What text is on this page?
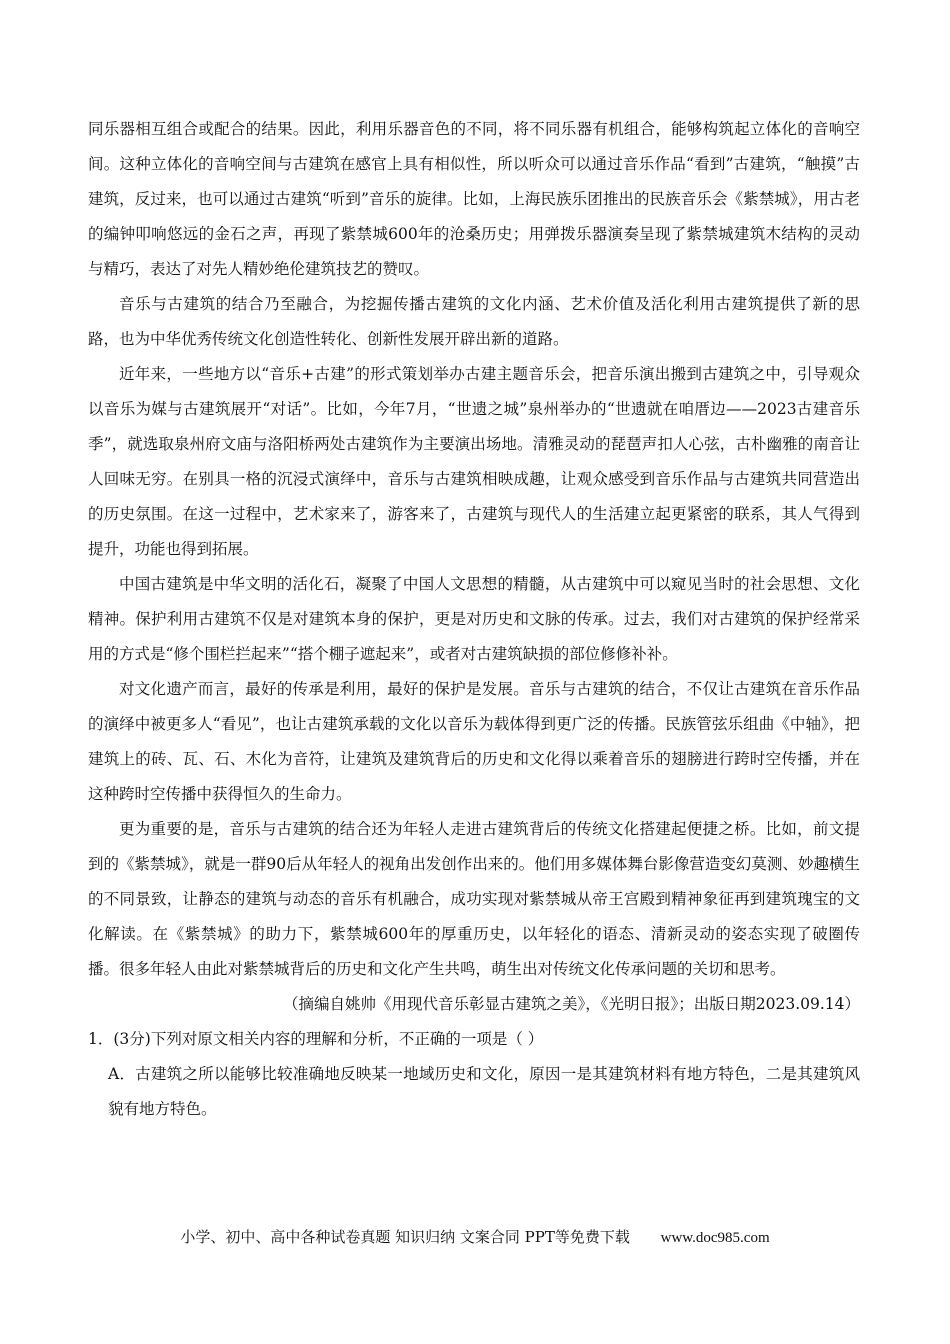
同乐器相互组合或配合的结果。因此，利用乐器音色的不同，将不同乐器有机组合，能够构筑起立体化的音响空间。这种立体化的音响空间与古建筑在感官上具有相似性，所以听众可以通过音乐作品“看到”古建筑，“触摸”古建筑，反过来，也可以通过古建筑“听到”音乐的旋律。比如，上海民族乐团推出的民族音乐会《紫禁城》，用古老的编钟叩响悠远的金石之声，再现了紫禁城600年的沧桑历史；用弹拨乐器演奏呈现了紫禁城建筑木结构的灵动与精巧，表达了对先人精妙绝伦建筑技艺的赞叹。

音乐与古建筑的结合乃至融合，为挖掘传播古建筑的文化内涵、艺术价值及活化利用古建筑提供了新的思路，也为中华优秀传统文化创造性转化、创新性发展开辟出新的道路。

近年来，一些地方以“音乐+古建”的形式策划举办古建主题音乐会，把音乐演出搬到古建筑之中，引导观众以音乐为媒与古建筑展开“对话”。比如，今年7月，“世遗之城”泉州举办的“世遗就在咱厝边——2023古建音乐季”，就选取泉州府文庙与洛阳桥两处古建筑作为主要演出场地。清雅灵动的琵琶声扣人心弦，古朴幽雅的南音让人回味无穷。在别具一格的沉浸式演绎中，音乐与古建筑相映成趣，让观众感受到音乐作品与古建筑共同营造出的历史氛围。在这一过程中，艺术家来了，游客来了，古建筑与现代人的生活建立起更紧密的联系，其人气得到提升，功能也得到拓展。

中国古建筑是中华文明的活化石，凝聚了中国人文思想的精髓，从古建筑中可以窥见当时的社会思想、文化精神。保护利用古建筑不仅是对建筑本身的保护，更是对历史和文脉的传承。过去，我们对古建筑的保护经常采用的方式是“修个围栏拦起来”“搭个棚子遮起来”，或者对古建筑缺损的部位修修补补。

对文化遗产而言，最好的传承是利用，最好的保护是发展。音乐与古建筑的结合，不仅让古建筑在音乐作品的演绎中被更多人“看见”，也让古建筑承载的文化以音乐为载体得到更广泛的传播。民族管弦乐组曲《中轴》，把建筑上的砖、瓦、石、木化为音符，让建筑及建筑背后的历史和文化得以乘着音乐的翅膀进行跨时空传播，并在这种跨时空传播中获得恒久的生命力。

更为重要的是，音乐与古建筑的结合还为年轻人走进古建筑背后的传统文化搭建起便捷之桥。比如，前文提到的《紫禁城》，就是一群90后从年轻人的视角出发创作出来的。他们用多媒体舞台影像营造变幻莫测、妙趣横生的不同景致，让静态的建筑与动态的音乐有机融合，成功实现对紫禁城从帝王宫殿到精神象征再到建筑瑰宝的文化解读。在《紫禁城》的助力下，紫禁城600年的厚重历史，以年轻化的语态、清新灵动的姿态实现了破圈传播。很多年轻人由此对紫禁城背后的历史和文化产生共鸣，萌生出对传统文化传承问题的关切和思考。

（摘编自姚帅《用现代音乐彰显古建筑之美》，《光明日报》；出版日期2023.09.14）

1．(3分)下列对原文相关内容的理解和分析，不正确的一项是（ ）

A．古建筑之所以能够比较准确地反映某一地域历史和文化，原因一是其建筑材料有地方特色，二是其建筑风貌有地方特色。

小学、初中、高中各种试卷真题 知识归纳 文案合同 PPT等免费下载 www.doc985.com
